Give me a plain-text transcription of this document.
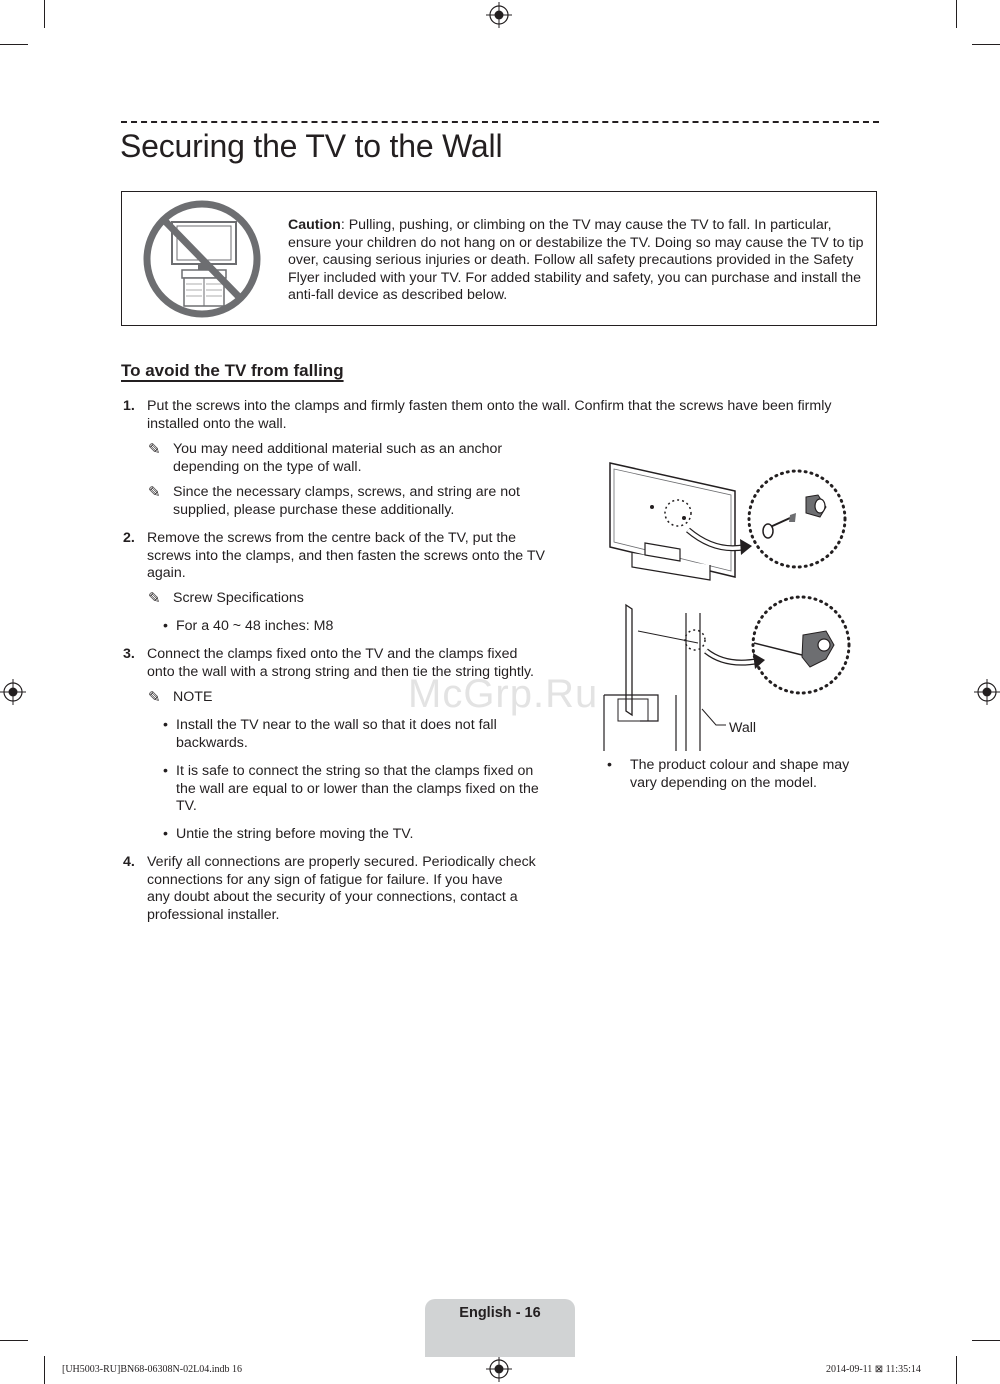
Securing the TV to the Wall
Caution: Pulling, pushing, or climbing on the TV may cause the TV to fall. In particular,
ensure your children do not hang on or destabilize the TV. Doing so may cause the TV to tip
over, causing serious injuries or death. Follow all safety precautions provided in the Safety
Flyer included with your TV. For added stability and safety, you can purchase and install the
anti-fall device as described below.
To avoid the TV from falling
1. Put the screws into the clamps and firmly fasten them onto the wall. Confirm that the screws have been firmly
installed onto the wall.
✎ You may need additional material such as an anchor
depending on the type of wall.
✎ Since the necessary clamps, screws, and string are not
supplied, please purchase these additionally.
2. Remove the screws from the centre back of the TV, put the
screws into the clamps, and then fasten the screws onto the TV
again.
✎ Screw Specifications
• For a 40 ~ 48 inches: M8
3. Connect the clamps fixed onto the TV and the clamps fixed
onto the wall with a strong string and then tie the string tightly.
✎ NOTE
• Install the TV near to the wall so that it does not fall
backwards.
• It is safe to connect the string so that the clamps fixed on
the wall are equal to or lower than the clamps fixed on the
TV.
• Untie the string before moving the TV.
4. Verify all connections are properly secured. Periodically check
connections for any sign of fatigue for failure. If you have
any doubt about the security of your connections, contact a
professional installer.
Wall
• The product colour and shape may
vary depending on the model.
McGrp.Ru
English - 16
[UH5003-RU]BN68-06308N-02L04.indb 16	2014-09-11 ⊠ 11:35:14
